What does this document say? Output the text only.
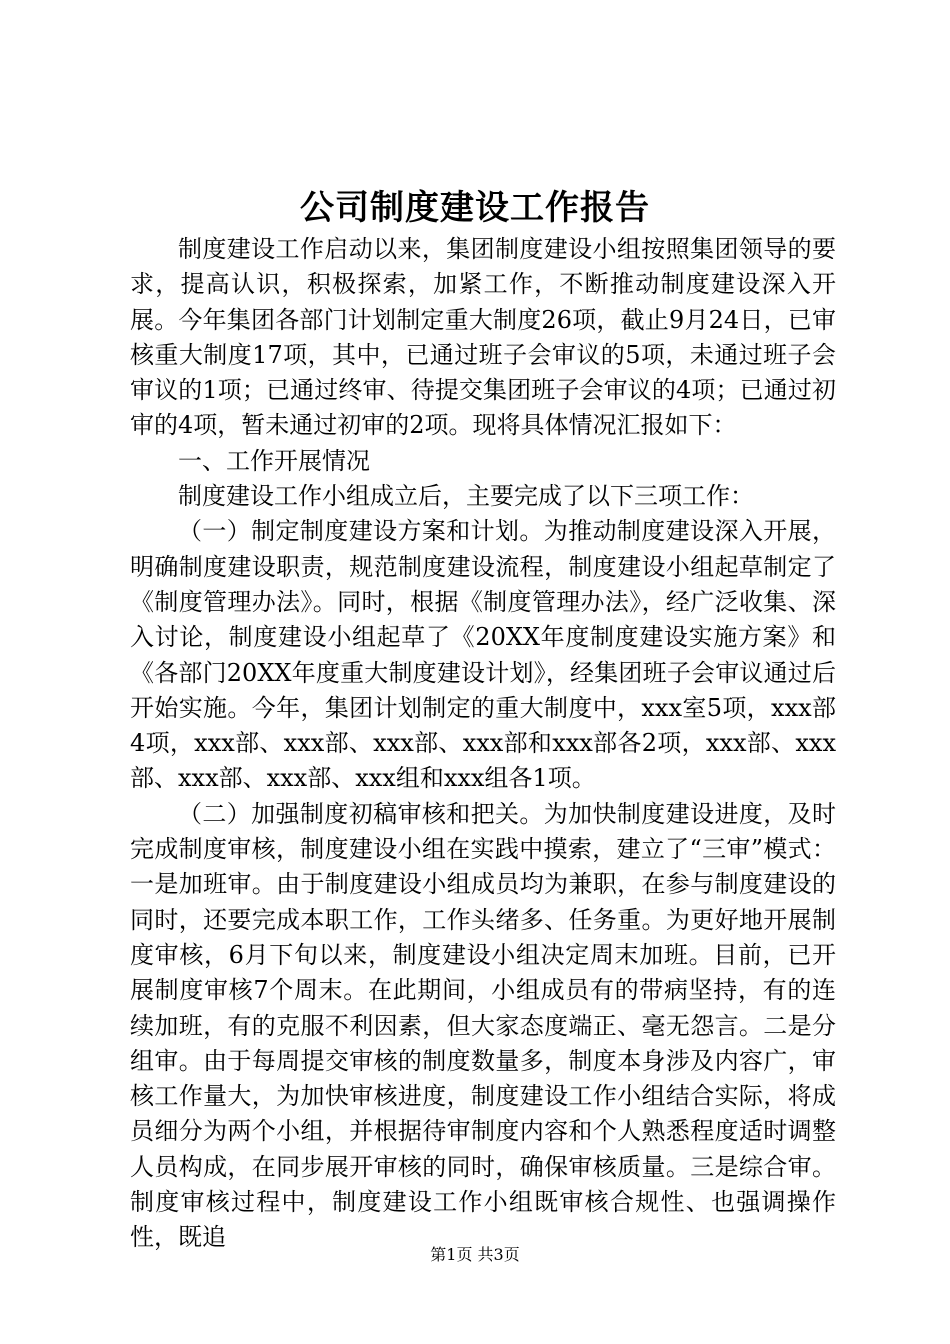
公司制度建设工作报告

制度建设工作启动以来，集团制度建设小组按照集团领导的要求，提高认识，积极探索，加紧工作，不断推动制度建设深入开展。今年集团各部门计划制定重大制度26项，截止9月24日，已审核重大制度17项，其中，已通过班子会审议的5项，未通过班子会审议的1项；已通过终审、待提交集团班子会审议的4项；已通过初审的4项，暂未通过初审的2项。现将具体情况汇报如下：

一、工作开展情况

制度建设工作小组成立后，主要完成了以下三项工作：

（一）制定制度建设方案和计划。为推动制度建设深入开展，明确制度建设职责，规范制度建设流程，制度建设小组起草制定了《制度管理办法》。同时，根据《制度管理办法》，经广泛收集、深入讨论，制度建设小组起草了《20XX年度制度建设实施方案》和《各部门20XX年度重大制度建设计划》，经集团班子会审议通过后开始实施。今年，集团计划制定的重大制度中，xxx室5项，xxx部4项，xxx部、xxx部、xxx部、xxx部和xxx部各2项，xxx部、xxx部、xxx部、xxx部、xxx组和xxx组各1项。

（二）加强制度初稿审核和把关。为加快制度建设进度，及时完成制度审核，制度建设小组在实践中摸索，建立了“三审”模式：一是加班审。由于制度建设小组成员均为兼职，在参与制度建设的同时，还要完成本职工作，工作头绪多、任务重。为更好地开展制度审核，6月下旬以来，制度建设小组决定周末加班。目前，已开展制度审核7个周末。在此期间，小组成员有的带病坚持，有的连续加班，有的克服不利因素，但大家态度端正、毫无怨言。二是分组审。由于每周提交审核的制度数量多，制度本身涉及内容广，审核工作量大，为加快审核进度，制度建设工作小组结合实际，将成员细分为两个小组，并根据待审制度内容和个人熟悉程度适时调整人员构成，在同步展开审核的同时，确保审核质量。三是综合审。制度审核过程中，制度建设工作小组既审核合规性、也强调操作性，既追

第1页 共3页
